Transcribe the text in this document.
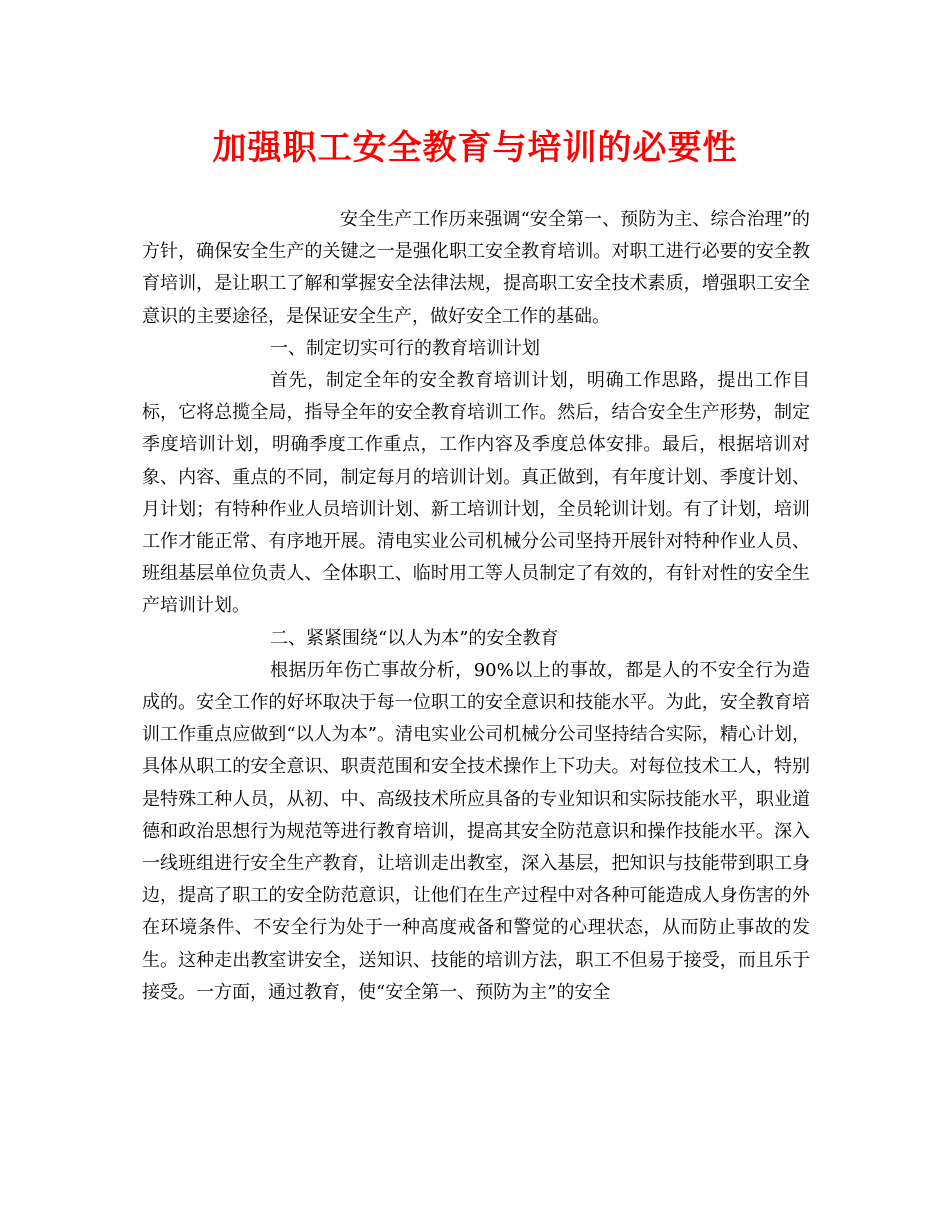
加强职工安全教育与培训的必要性

安全生产工作历来强调“安全第一、预防为主、综合治理”的方针，确保安全生产的关键之一是强化职工安全教育培训。对职工进行必要的安全教育培训，是让职工了解和掌握安全法律法规，提高职工安全技术素质，增强职工安全意识的主要途径，是保证安全生产，做好安全工作的基础。

一、制定切实可行的教育培训计划

首先，制定全年的安全教育培训计划，明确工作思路，提出工作目标，它将总揽全局，指导全年的安全教育培训工作。然后，结合安全生产形势，制定季度培训计划，明确季度工作重点，工作内容及季度总体安排。最后，根据培训对象、内容、重点的不同，制定每月的培训计划。真正做到，有年度计划、季度计划、月计划；有特种作业人员培训计划、新工培训计划，全员轮训计划。有了计划，培训工作才能正常、有序地开展。清电实业公司机械分公司坚持开展针对特种作业人员、班组基层单位负责人、全体职工、临时用工等人员制定了有效的，有针对性的安全生产培训计划。

二、紧紧围绕“以人为本”的安全教育

根据历年伤亡事故分析，90%以上的事故，都是人的不安全行为造成的。安全工作的好坏取决于每一位职工的安全意识和技能水平。为此，安全教育培训工作重点应做到“以人为本”。清电实业公司机械分公司坚持结合实际，精心计划，具体从职工的安全意识、职责范围和安全技术操作上下功夫。对每位技术工人，特别是特殊工种人员，从初、中、高级技术所应具备的专业知识和实际技能水平，职业道德和政治思想行为规范等进行教育培训，提高其安全防范意识和操作技能水平。深入一线班组进行安全生产教育，让培训走出教室，深入基层，把知识与技能带到职工身边，提高了职工的安全防范意识，让他们在生产过程中对各种可能造成人身伤害的外在环境条件、不安全行为处于一种高度戒备和警觉的心理状态，从而防止事故的发生。这种走出教室讲安全，送知识、技能的培训方法，职工不但易于接受，而且乐于接受。一方面，通过教育，使“安全第一、预防为主”的安全
